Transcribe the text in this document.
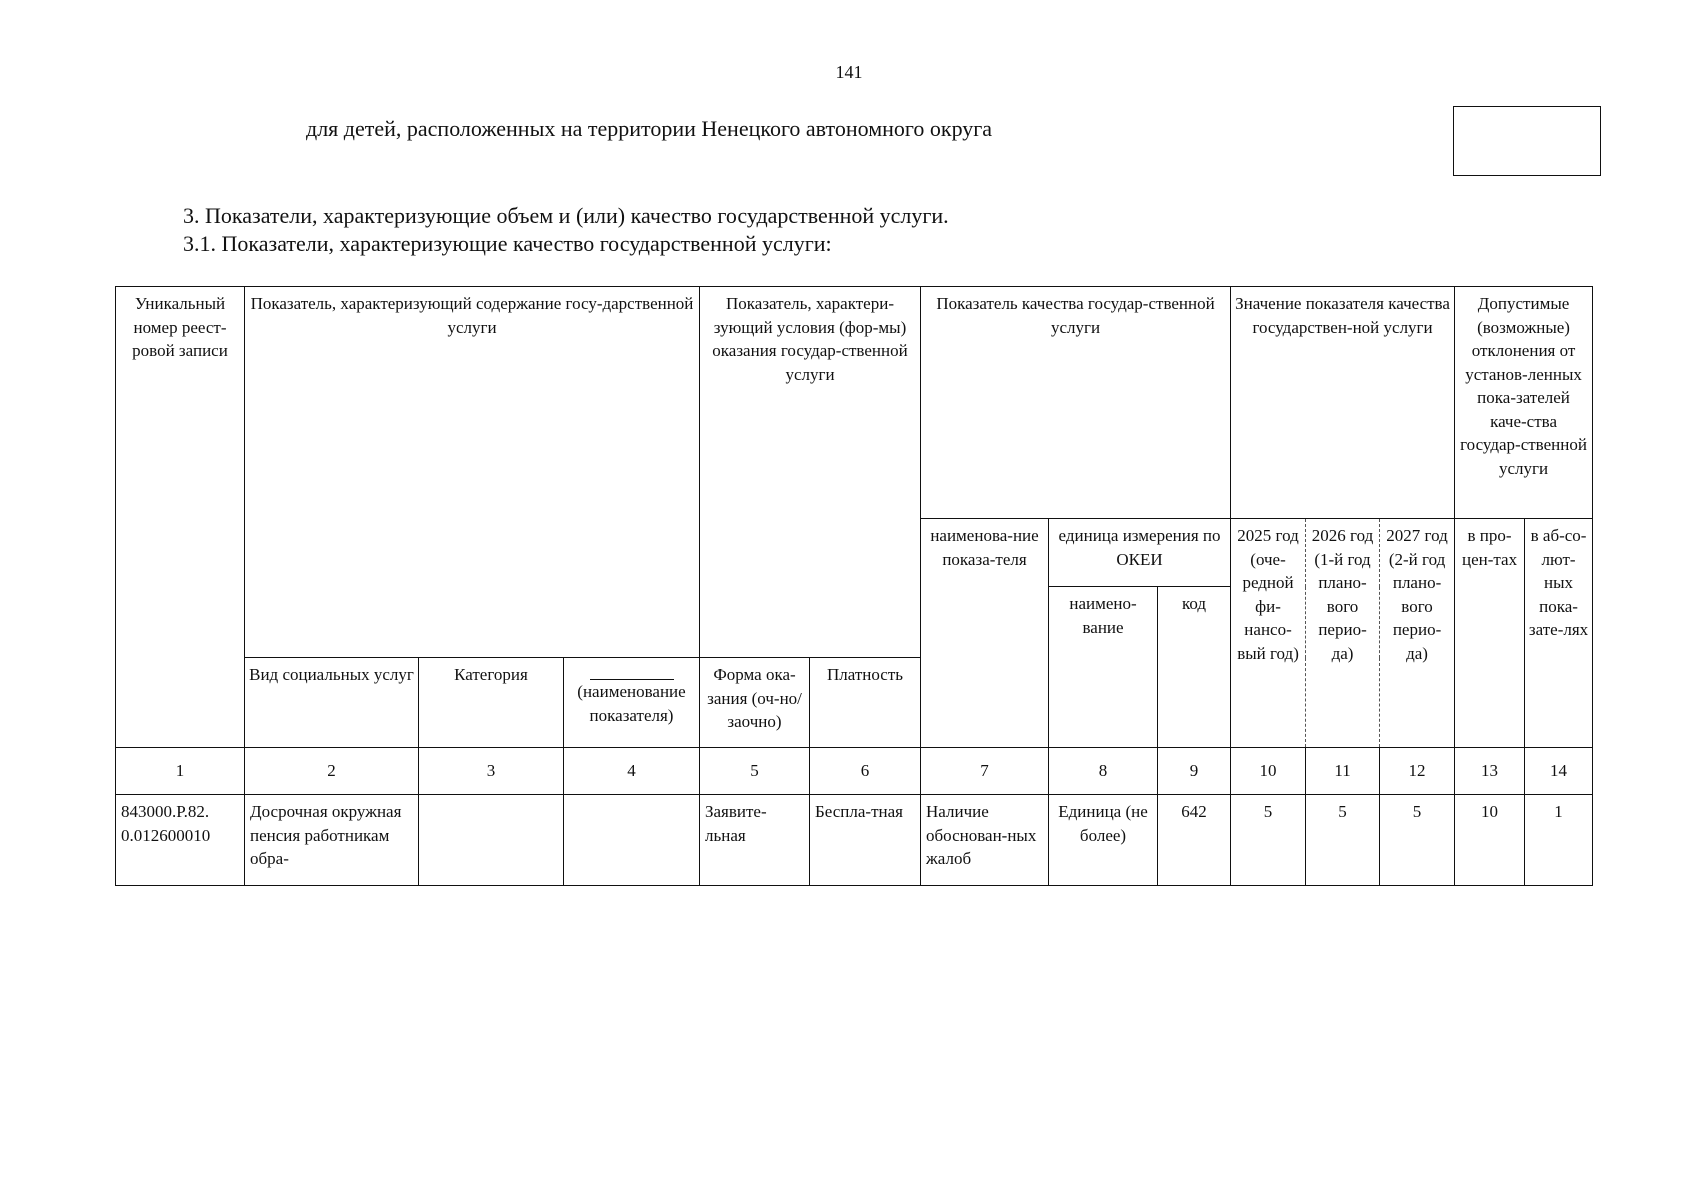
141
для детей, расположенных на территории Ненецкого автономного округа
3. Показатели, характеризующие объем и (или) качество государственной услуги.
3.1. Показатели, характеризующие качество государственной услуги:
Уникальный номер реест-ровой записи	Показатель, характеризующий содержание госу-дарственной услуги			Показатель, характери-зующий условия (фор-мы) оказания государ-ственной услуги		Показатель качества государ-ственной услуги			Значение показателя качества государствен-ной услуги			Допустимые (возможные) отклонения от установ-ленных пока-зателей каче-ства государ-ственной услуги	
						наименова-ние показа-теля	единица измерения по ОКЕИ		2025 год (оче-редной фи-нансо-вый год)	2026 год (1-й год плано-вого перио-да)	2027 год (2-й год плано-вого перио-да)	в про-цен-тах	в аб-со-лют-ных пока-зате-лях
							наимено-вание	код					
	Вид социальных услуг	Категория	(наименование показателя)	Форма ока-зания (оч-но/заочно)	Платность								
1	2	3	4	5	6	7	8	9	10	11	12	13	14
843000.Р.82. 0.012600010	Досрочная окружная пенсия работникам обра-			Заявите-льная	Бесплa-тная	Наличие обоснован-ных жалоб	Единица (не более)	642	5	5	5	10	1
